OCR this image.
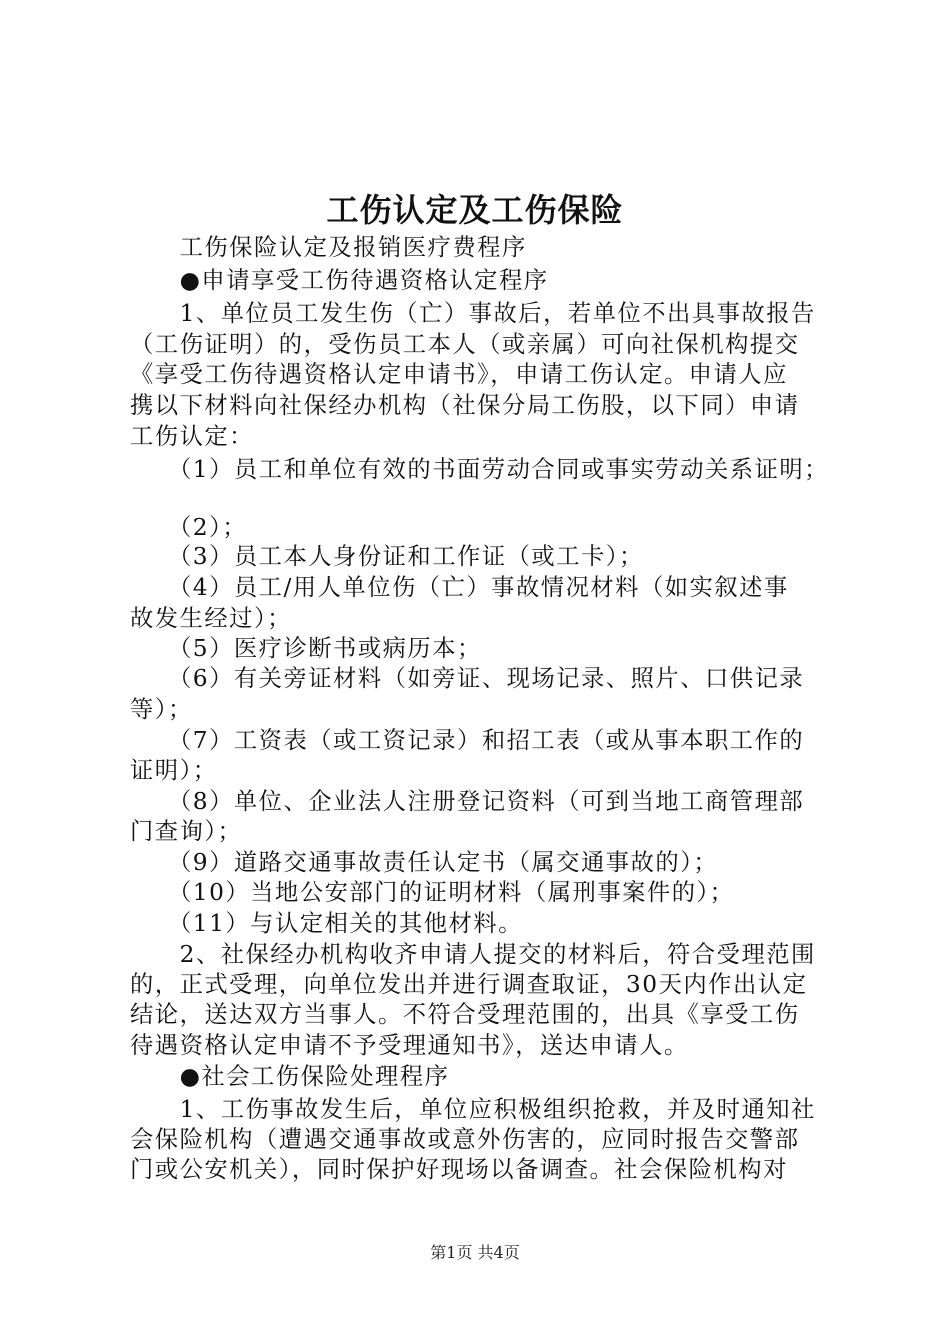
工伤认定及工伤保险
　　工伤保险认定及报销医疗费程序
　　●申请享受工伤待遇资格认定程序
　　1、单位员工发生伤（亡）事故后，若单位不出具事故报告
（工伤证明）的，受伤员工本人（或亲属）可向社保机构提交
《享受工伤待遇资格认定申请书》，申请工伤认定。申请人应
携以下材料向社保经办机构（社保分局工伤股，以下同）申请
工伤认定：
　　（1）员工和单位有效的书面劳动合同或事实劳动关系证明；
　　（2）；
　　（3）员工本人身份证和工作证（或工卡）；
　　（4）员工/用人单位伤（亡）事故情况材料（如实叙述事
故发生经过）；
　　（5）医疗诊断书或病历本；
　　（6）有关旁证材料（如旁证、现场记录、照片、口供记录
等）；
　　（7）工资表（或工资记录）和招工表（或从事本职工作的
证明）；
　　（8）单位、企业法人注册登记资料（可到当地工商管理部
门查询）；
　　（9）道路交通事故责任认定书（属交通事故的）；
　　（10）当地公安部门的证明材料（属刑事案件的）；
　　（11）与认定相关的其他材料。
　　2、社保经办机构收齐申请人提交的材料后，符合受理范围
的，正式受理，向单位发出并进行调查取证，30天内作出认定
结论，送达双方当事人。不符合受理范围的，出具《享受工伤
待遇资格认定申请不予受理通知书》，送达申请人。
　　●社会工伤保险处理程序
　　1、工伤事故发生后，单位应积极组织抢救，并及时通知社
会保险机构（遭遇交通事故或意外伤害的，应同时报告交警部
门或公安机关），同时保护好现场以备调查。社会保险机构对
第1页 共4页
